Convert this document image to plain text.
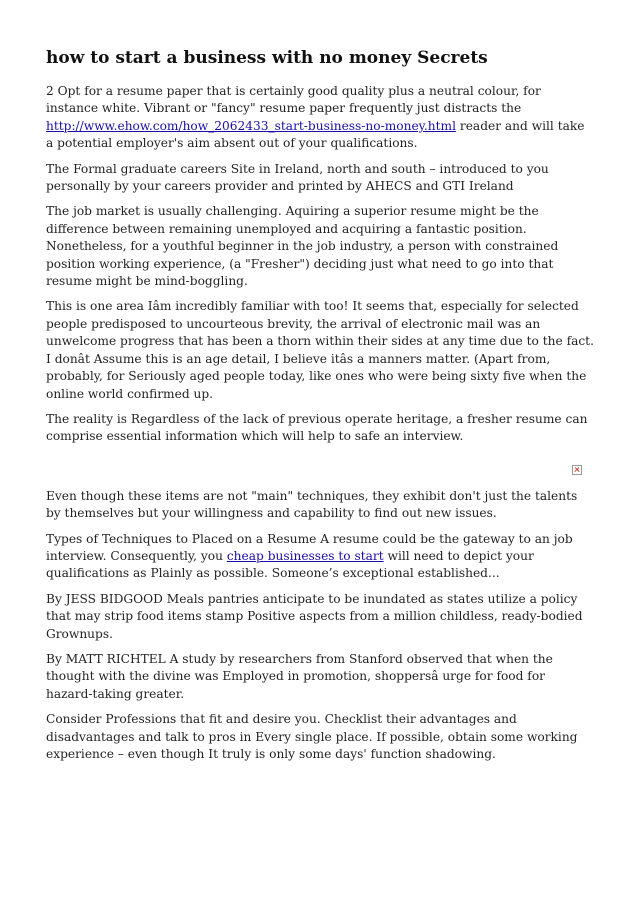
how to start a business with no money Secrets

2 Opt for a resume paper that is certainly good quality plus a neutral colour, for instance white. Vibrant or "fancy" resume paper frequently just distracts the http://www.ehow.com/how_2062433_start-business-no-money.html reader and will take a potential employer's aim absent out of your qualifications.

The Formal graduate careers Site in Ireland, north and south – introduced to you personally by your careers provider and printed by AHECS and GTI Ireland

The job market is usually challenging. Aquiring a superior resume might be the difference between remaining unemployed and acquiring a fantastic position. Nonetheless, for a youthful beginner in the job industry, a person with constrained position working experience, (a "Fresher") deciding just what need to go into that resume might be mind-boggling.

This is one area Iâm incredibly familiar with too! It seems that, especially for selected people predisposed to uncourteous brevity, the arrival of electronic mail was an unwelcome progress that has been a thorn within their sides at any time due to the fact. I donât Assume this is an age detail, I believe itâs a manners matter. (Apart from, probably, for Seriously aged people today, like ones who were being sixty five when the online world confirmed up.

The reality is Regardless of the lack of previous operate heritage, a fresher resume can comprise essential information which will help to safe an interview.

Even though these items are not "main" techniques, they exhibit don't just the talents by themselves but your willingness and capability to find out new issues.

Types of Techniques to Placed on a Resume A resume could be the gateway to an job interview. Consequently, you cheap businesses to start will need to depict your qualifications as Plainly as possible. Someone’s exceptional established...

By JESS BIDGOOD Meals pantries anticipate to be inundated as states utilize a policy that may strip food items stamp Positive aspects from a million childless, ready-bodied Grownups.

By MATT RICHTEL A study by researchers from Stanford observed that when the thought with the divine was Employed in promotion, shoppersâ urge for food for hazard-taking greater.

Consider Professions that fit and desire you. Checklist their advantages and disadvantages and talk to pros in Every single place. If possible, obtain some working experience – even though It truly is only some days' function shadowing.
